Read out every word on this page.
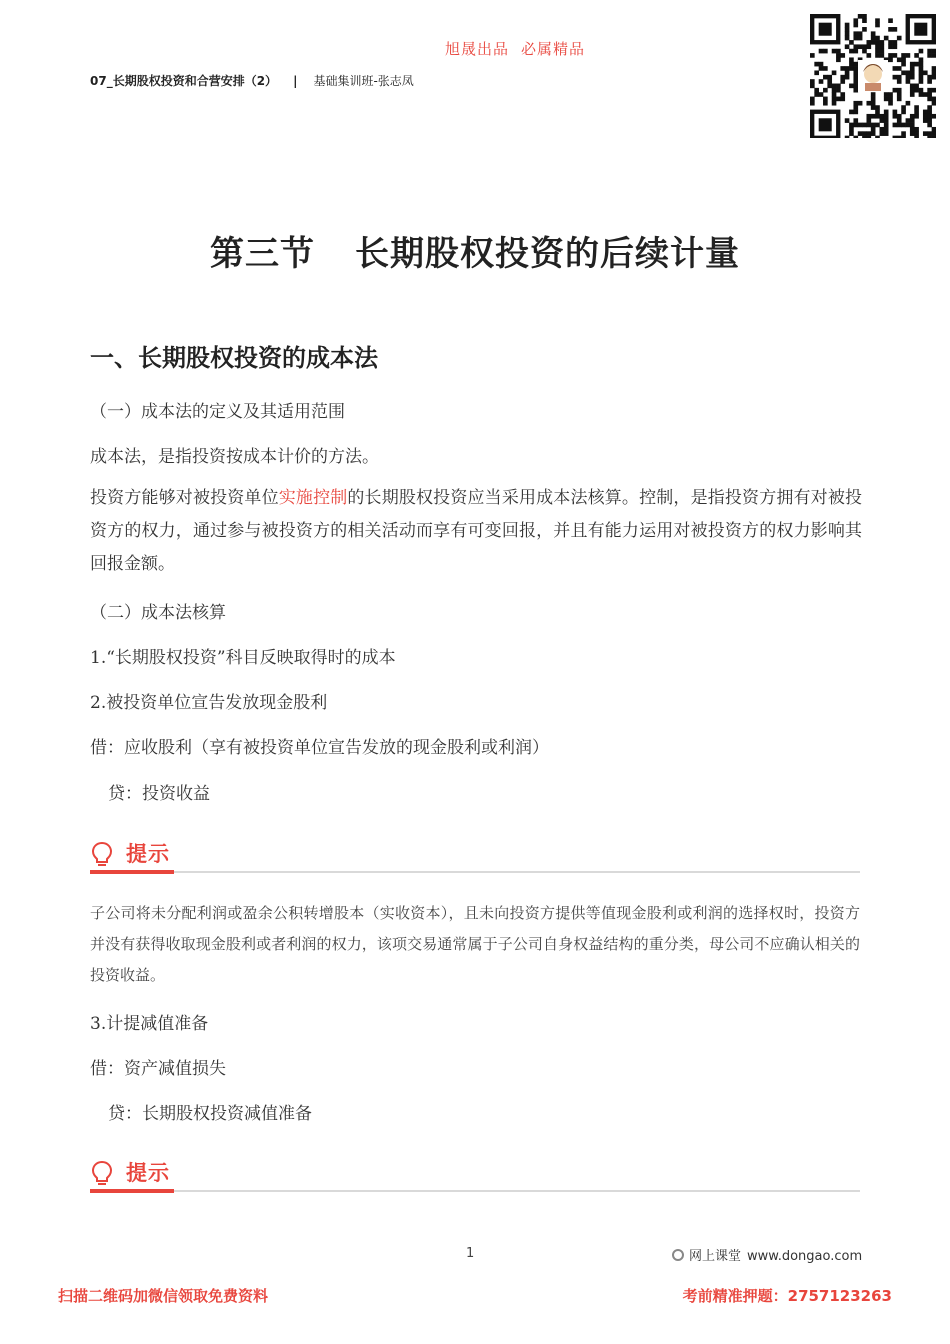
旭晟出品 必属精品
07_长期股权投资和合营安排（2） | 基础集训班-张志凤
第三节 长期股权投资的后续计量
一、长期股权投资的成本法
（一）成本法的定义及其适用范围
成本法，是指投资按成本计价的方法。
投资方能够对被投资单位实施控制的长期股权投资应当采用成本法核算。控制，是指投资方拥有对被投资方的权力，通过参与被投资方的相关活动而享有可变回报，并且有能力运用对被投资方的权力影响其回报金额。
（二）成本法核算
1.“长期股权投资”科目反映取得时的成本
2.被投资单位宣告发放现金股利
借：应收股利（享有被投资单位宣告发放的现金股利或利润）
贷：投资收益
提示
子公司将未分配利润或盈余公积转增股本（实收资本），且未向投资方提供等值现金股利或利润的选择权时，投资方并没有获得收取现金股利或者利润的权力，该项交易通常属于子公司自身权益结构的重分类，母公司不应确认相关的投资收益。
3.计提减值准备
借：资产减值损失
贷：长期股权投资减值准备
提示
1	网上课堂 www.dongao.com
扫描二维码加微信领取免费资料	考前精准押题：2757123263
